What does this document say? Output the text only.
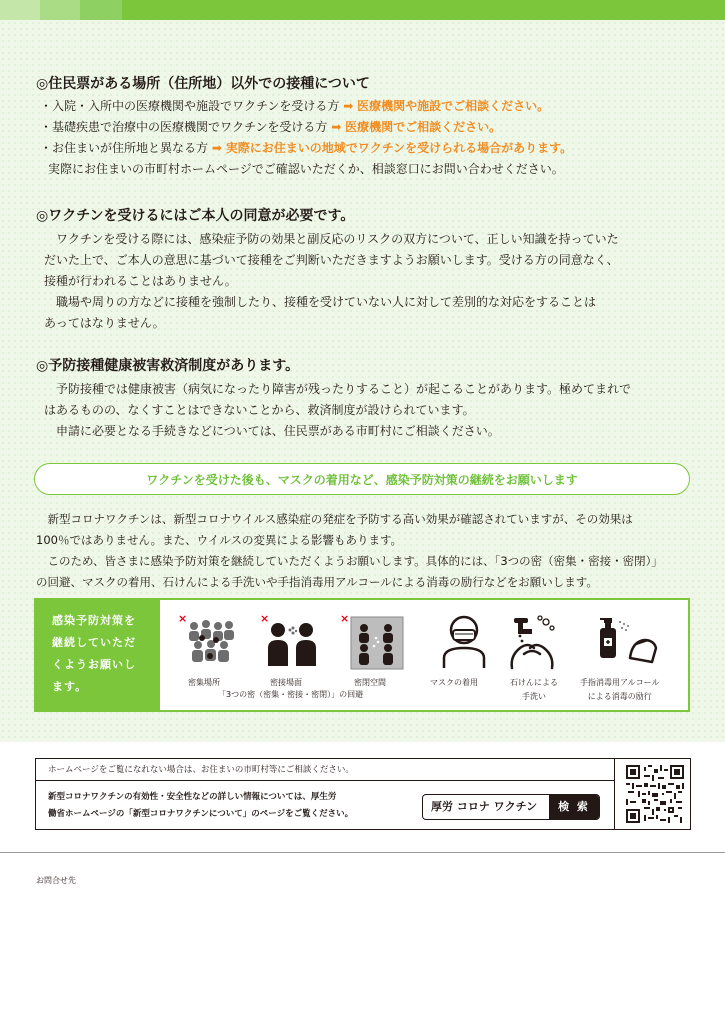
◎住民票がある場所（住所地）以外での接種について
・入院・入所中の医療機関や施設でワクチンを受ける方 ➡ 医療機関や施設でご相談ください。
・基礎疾患で治療中の医療機関でワクチンを受ける方 ➡ 医療機関でご相談ください。
・お住まいが住所地と異なる方 ➡ 実際にお住まいの地域でワクチンを受けられる場合があります。
実際にお住まいの市町村ホームページでご確認いただくか、相談窓口にお問い合わせください。
◎ワクチンを受けるにはご本人の同意が必要です。
　ワクチンを受ける際には、感染症予防の効果と副反応のリスクの双方について、正しい知識を持っていた
だいた上で、ご本人の意思に基づいて接種をご判断いただきますようお願いします。受ける方の同意なく、
接種が行われることはありません。
　職場や周りの方などに接種を強制したり、接種を受けていない人に対して差別的な対応をすることは
あってはなりません。
◎予防接種健康被害救済制度があります。
　予防接種では健康被害（病気になったり障害が残ったりすること）が起こることがあります。極めてまれで
はあるものの、なくすことはできないことから、救済制度が設けられています。
　申請に必要となる手続きなどについては、住民票がある市町村にご相談ください。
ワクチンを受けた後も、マスクの着用など、感染予防対策の継続をお願いします
　新型コロナワクチンは、新型コロナウイルス感染症の発症を予防する高い効果が確認されていますが、その効果は
100％ではありません。また、ウイルスの変異による影響もあります。
　このため、皆さまに感染予防対策を継続していただくようお願いします。具体的には、「3つの密（密集・密接・密閉）」
の回避、マスクの着用、石けんによる手洗いや手指消毒用アルコールによる消毒の励行などをお願いします。
感染予防対策を
継続していただ
くようお願いし
ます。
×	×	×
密集場所	密接場面	密閉空間
「3つの密（密集・密接・密閉）」の回避
マスクの着用	石けんによる
手洗い
手指消毒用アルコール
による消毒の励行
ホームページをご覧になれない場合は、お住まいの市町村等にご相談ください。
新型コロナワクチンの有効性・安全性などの詳しい情報については、厚生労
働省ホームページの「新型コロナワクチンについて」のページをご覧ください。
厚労 コロナ ワクチン	検 索
お問合せ先
